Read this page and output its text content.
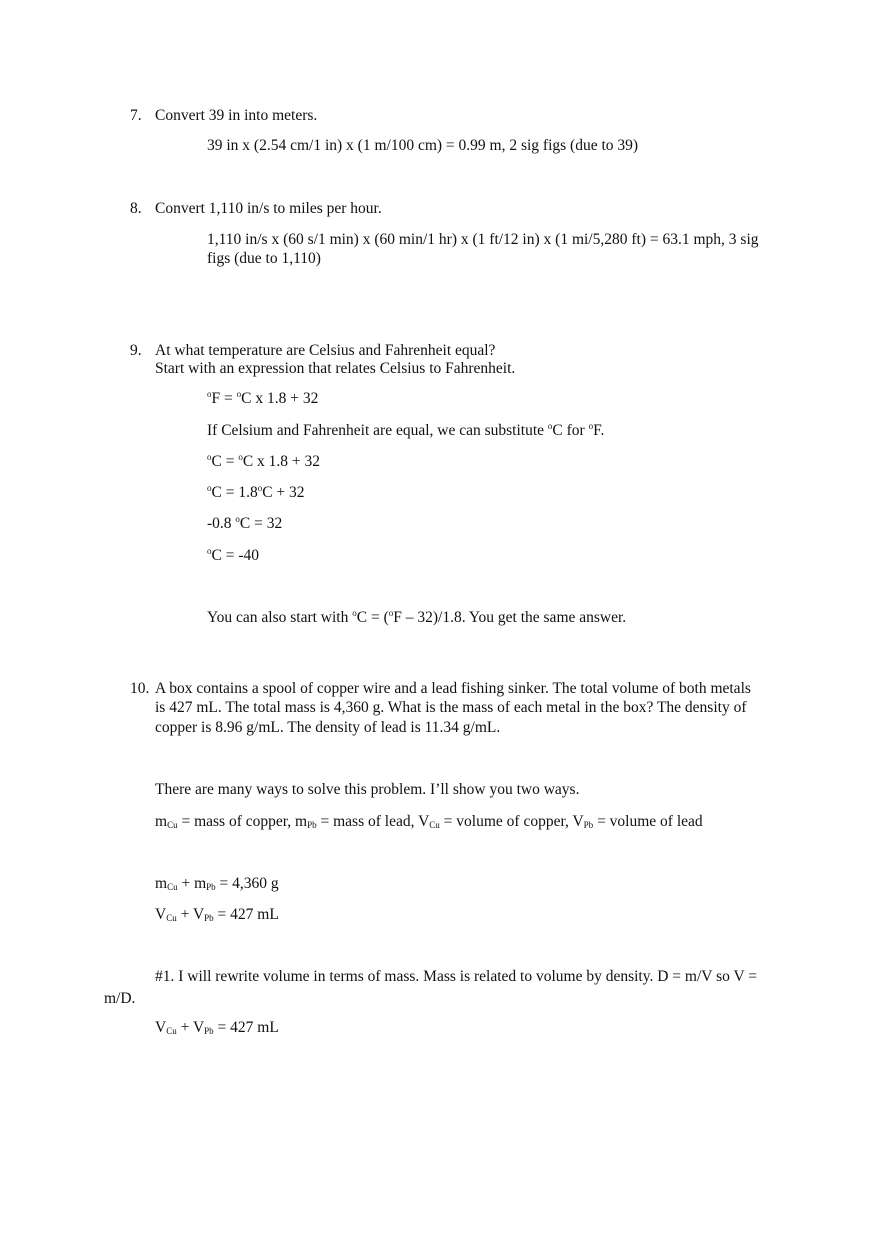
7. Convert 39 in into meters.
39 in x (2.54 cm/1 in) x (1 m/100 cm) = 0.99 m, 2 sig figs (due to 39)
8. Convert 1,110 in/s to miles per hour.
1,110 in/s x (60 s/1 min) x (60 min/1 hr) x (1 ft/12 in) x (1 mi/5,280 ft) = 63.1 mph, 3 sig
figs (due to 1,110)
9. At what temperature are Celsius and Fahrenheit equal?
Start with an expression that relates Celsius to Fahrenheit.
$^o$F = $^o$C x 1.8 + 32
If Celsium and Fahrenheit are equal, we can substitute $^o$C for $^o$F.
$^o$C = $^o$C x 1.8 + 32
$^oC = 1.8^oC + 32$
-0.8 $^o$C = 32
$^o$C = -40
You can also start with $^o$C = ($^o$F – 32)/1.8. You get the same answer.
10. A box contains a spool of copper wire and a lead fishing sinker. The total volume of both metals
is 427 mL. The total mass is 4,360 g. What is the mass of each metal in the box? The density of
copper is 8.96 g/mL. The density of lead is 11.34 g/mL.
There are many ways to solve this problem. I’ll show you two ways.
$m_{Cu}$ = mass of copper, $m_{Pb}$ = mass of lead, $V_{Cu}$ = volume of copper, $V_{Pb}$ = volume of lead
$m_{Cu} + m_{Pb} = 4,360$ g
$V_{Cu} + V_{Pb} = 427$ mL
#1. I will rewrite volume in terms of mass. Mass is related to volume by density. D = m/V so V =
m/D.
$V_{Cu} + V_{Pb} = 427$ mL
